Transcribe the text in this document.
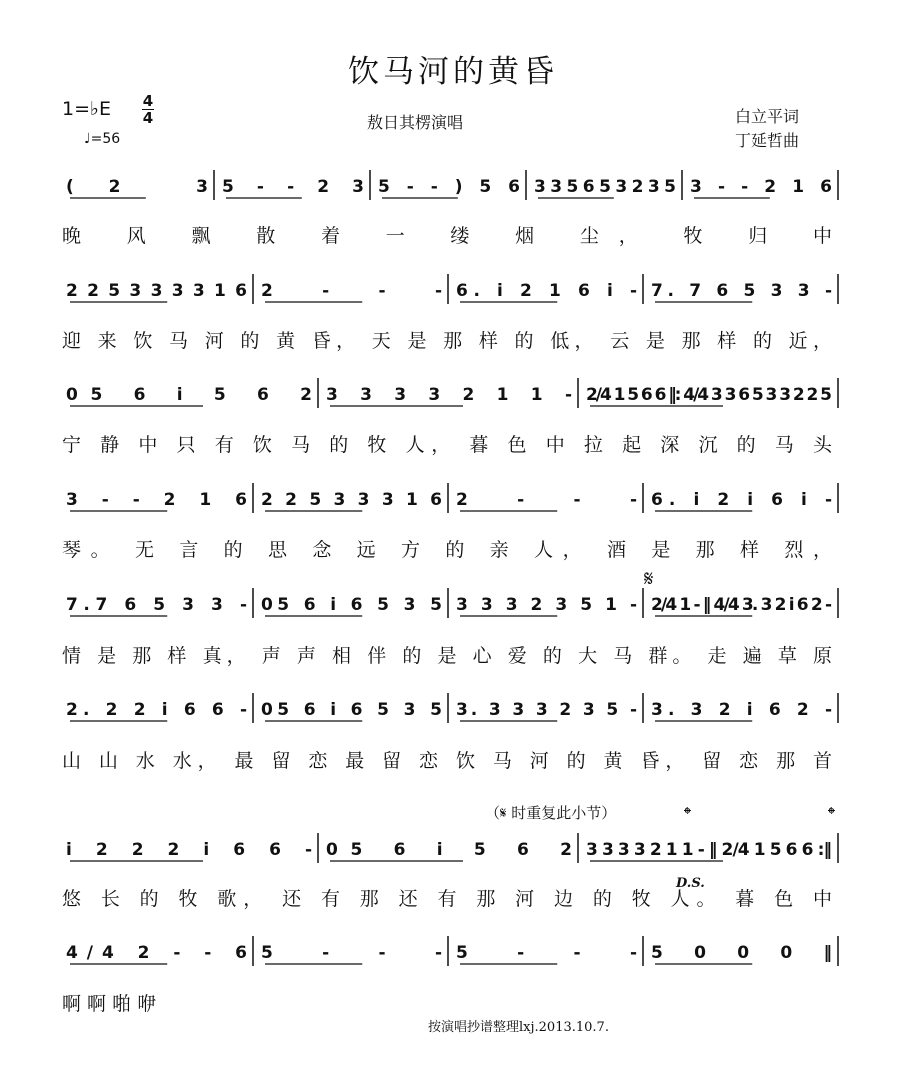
饮马河的黄昏
1=♭E 4
4
♩=56
敖日其楞演唱	白立平词
丁延哲曲
（𝄋 时重复此小节）
D.S.
按演唱抄谱整理lxj.2013.10.7.
𝄌	𝄌
𝄋
(2 3 5 - - 2 3 5 - - ) 5 6 3 3 5 6 5 3 2 3 5 3 - - 2 1 6
晚 风 飘 散 着 一 缕 烟 尘， 牧 归 中
2 2 5 3 3 3 3 1 6 2 - - - 6. i 2 1 6 i - 7. 7 6 5 3 3 -
迎 来 饮 马 河 的 黄 昏， 天 是 那 样 的 低， 云 是 那 样 的 近，
05 6 i 5 6 2 3 3 3 3 2 1 1 - 2/4 1 5 6 6 ‖: 4/4 3 3 6 5 3 3 2 2 5
宁 静 中 只 有 饮 马 的 牧 人， 暮 色 中 拉 起 深 沉 的 马 头
3 - - 2 1 6 2 2 5 3 3 3 1 6 2 - - - 6. i 2 i 6 i -
琴。 无 言 的 思 念 远 方 的 亲 人， 酒 是 那 样 烈，
7.7 6 5 3 3 - 05 6 i 6 5 3 5 3 3 3 2 3 5 1 - 2/4 1 - ‖ 4/4 3. 3 2 i 6 2 -
情 是 那 样 真， 声 声 相 伴 的 是 心 爱 的 大 马 群。 走 遍 草 原
2. 2 2 i 6 6 - 05 6 i 6 5 3 5 3. 3 3 3 2 3 5 - 3. 3 2 i 6 2 -
山 山 水 水， 最 留 恋 最 留 恋 饮 马 河 的 黄 昏， 留 恋 那 首
i 2 2 2 i 6 6 - 05 6 i 5 6 2 3 3 3 3 2 1 1 - ‖ 2/4 1 5 6 6 :‖
悠 长 的 牧 歌， 还 有 那 还 有 那 河 边 的 牧 人。 暮 色 中
4/4 2 - - 6 5 - - - 5 - - - 5 0 0 0 ‖
啊 啊 啪 咿
